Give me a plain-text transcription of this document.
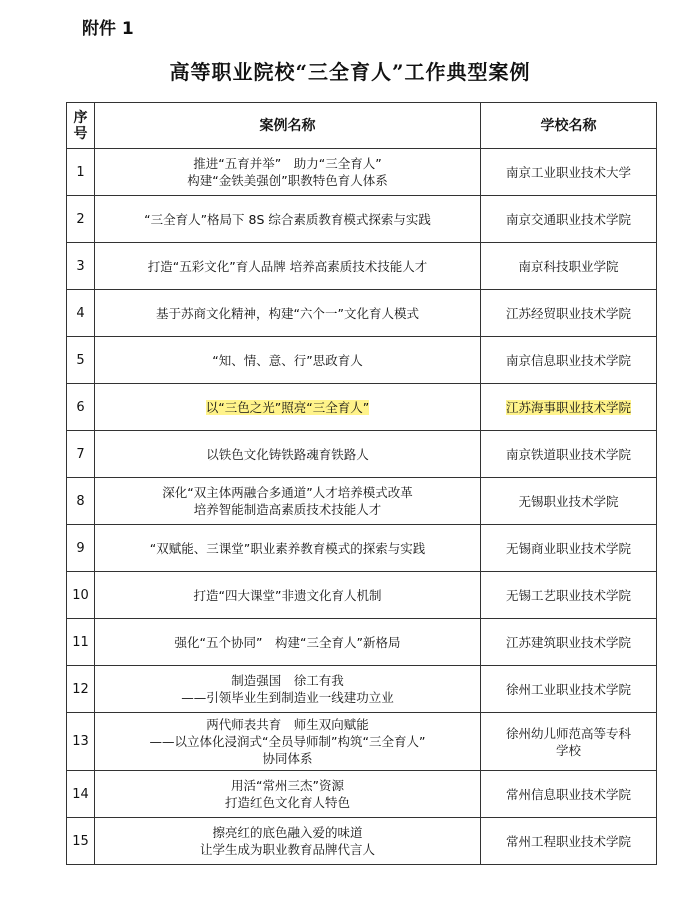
附件 1
高等职业院校“三全育人”工作典型案例
序
号	案例名称	学校名称
1	推进“五育并举”　助力“三全育人”
构建“金铁美强创”职教特色育人体系	南京工业职业技术大学

2	“三全育人”格局下 8S 综合素质教育模式探索与实践	南京交通职业技术学院

3	打造“五彩文化”育人品牌 培养高素质技术技能人才	南京科技职业学院

4	基于苏商文化精神，构建“六个一”文化育人模式	江苏经贸职业技术学院

5	“知、情、意、行”思政育人	南京信息职业技术学院

6	以“三色之光”照亮“三全育人”	江苏海事职业技术学院

7	以铁色文化铸铁路魂育铁路人	南京铁道职业技术学院

8	深化“双主体两融合多通道”人才培养模式改革
培养智能制造高素质技术技能人才	无锡职业技术学院

9	“双赋能、三课堂”职业素养教育模式的探索与实践	无锡商业职业技术学院

10	打造“四大课堂”非遗文化育人机制	无锡工艺职业技术学院

11	强化“五个协同”　构建“三全育人”新格局	江苏建筑职业技术学院

12	制造强国　徐工有我
——引领毕业生到制造业一线建功立业	徐州工业职业技术学院

13	两代师表共育　师生双向赋能
——以立体化浸润式“全员导师制”构筑“三全育人”
协同体系	徐州幼儿师范高等专科
学校

14	用活“常州三杰”资源
打造红色文化育人特色	常州信息职业技术学院

15	擦亮红的底色融入爱的味道
让学生成为职业教育品牌代言人	常州工程职业技术学院
